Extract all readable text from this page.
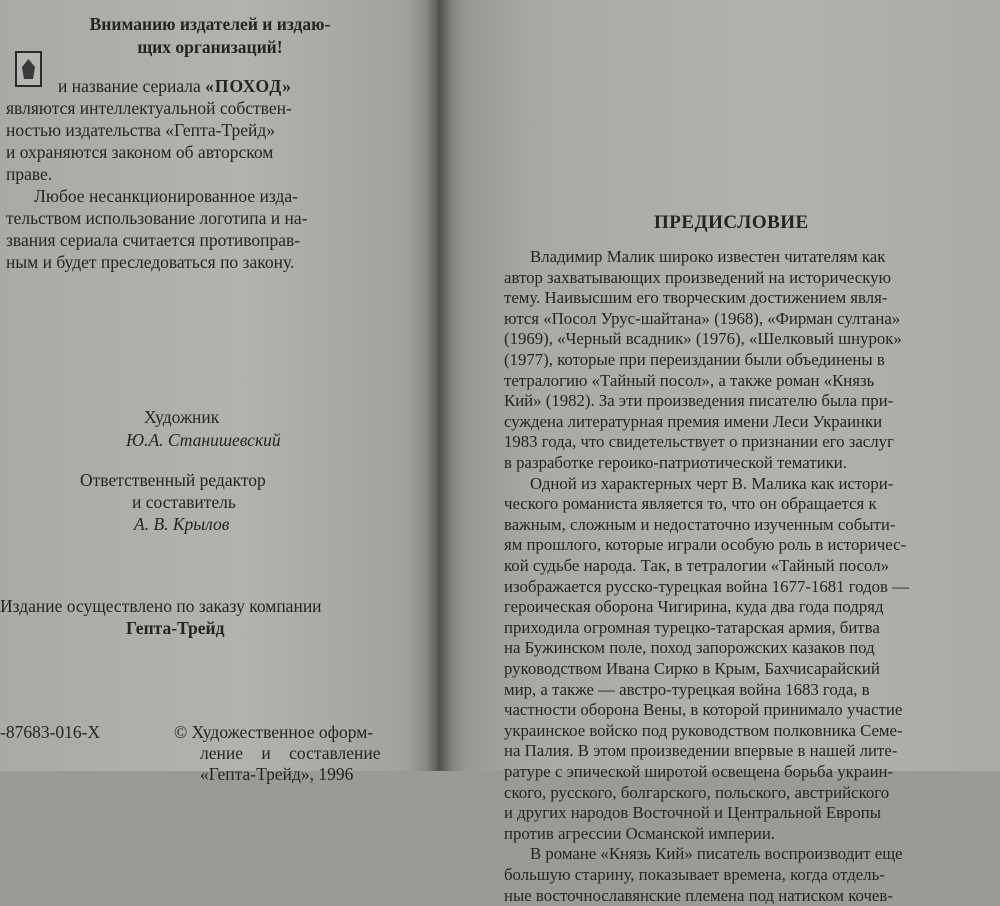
Вниманию издателей и издаю-
щих организаций!
и название сериала «ПОХОД»
являются интеллектуальной собствен-
ностью издательства «Гепта-Трейд»
и охраняются законом об авторском
праве.
Любое несанкционированное изда-
тельством использование логотипа и на-
звания сериала считается противоправ-
ным и будет преследоваться по закону.
Художник
Ю.А. Станишевский
Ответственный редактор
и составитель
А. В. Крылов
Издание осуществлено по заказу компании
Гепта-Трейд
-87683-016-X	© Художественное оформ-
ление и составление
«Гепта-Трейд», 1996
ПРЕДИСЛОВИЕ
Владимир Малик широко известен читателям как
автор захватывающих произведений на историческую
тему. Наивысшим его творческим достижением явля-
ются «Посол Урус-шайтана» (1968), «Фирман султана»
(1969), «Черный всадник» (1976), «Шелковый шнурок»
(1977), которые при переиздании были объединены в
тетралогию «Тайный посол», а также роман «Князь
Кий» (1982). За эти произведения писателю была при-
суждена литературная премия имени Леси Украинки
1983 года, что свидетельствует о признании его заслуг
в разработке героико-патриотической тематики.
Одной из характерных черт В. Малика как истори-
ческого романиста является то, что он обращается к
важным, сложным и недостаточно изученным событи-
ям прошлого, которые играли особую роль в историчес-
кой судьбе народа. Так, в тетралогии «Тайный посол»
изображается русско-турецкая война 1677-1681 годов —
героическая оборона Чигирина, куда два года подряд
приходила огромная турецко-татарская армия, битва
на Бужинском поле, поход запорожских казаков под
руководством Ивана Сирко в Крым, Бахчисарайский
мир, а также — австро-турецкая война 1683 года, в
частности оборона Вены, в которой принимало участие
украинское войско под руководством полковника Семе-
на Палия. В этом произведении впервые в нашей лите-
ратуре с эпической широтой освещена борьба украин-
ского, русского, болгарского, польского, австрийского
и других народов Восточной и Центральной Европы
против агрессии Османской империи.
В романе «Князь Кий» писатель воспроизводит еще
большую старину, показывает времена, когда отдель-
ные восточнославянские племена под натиском кочев-
